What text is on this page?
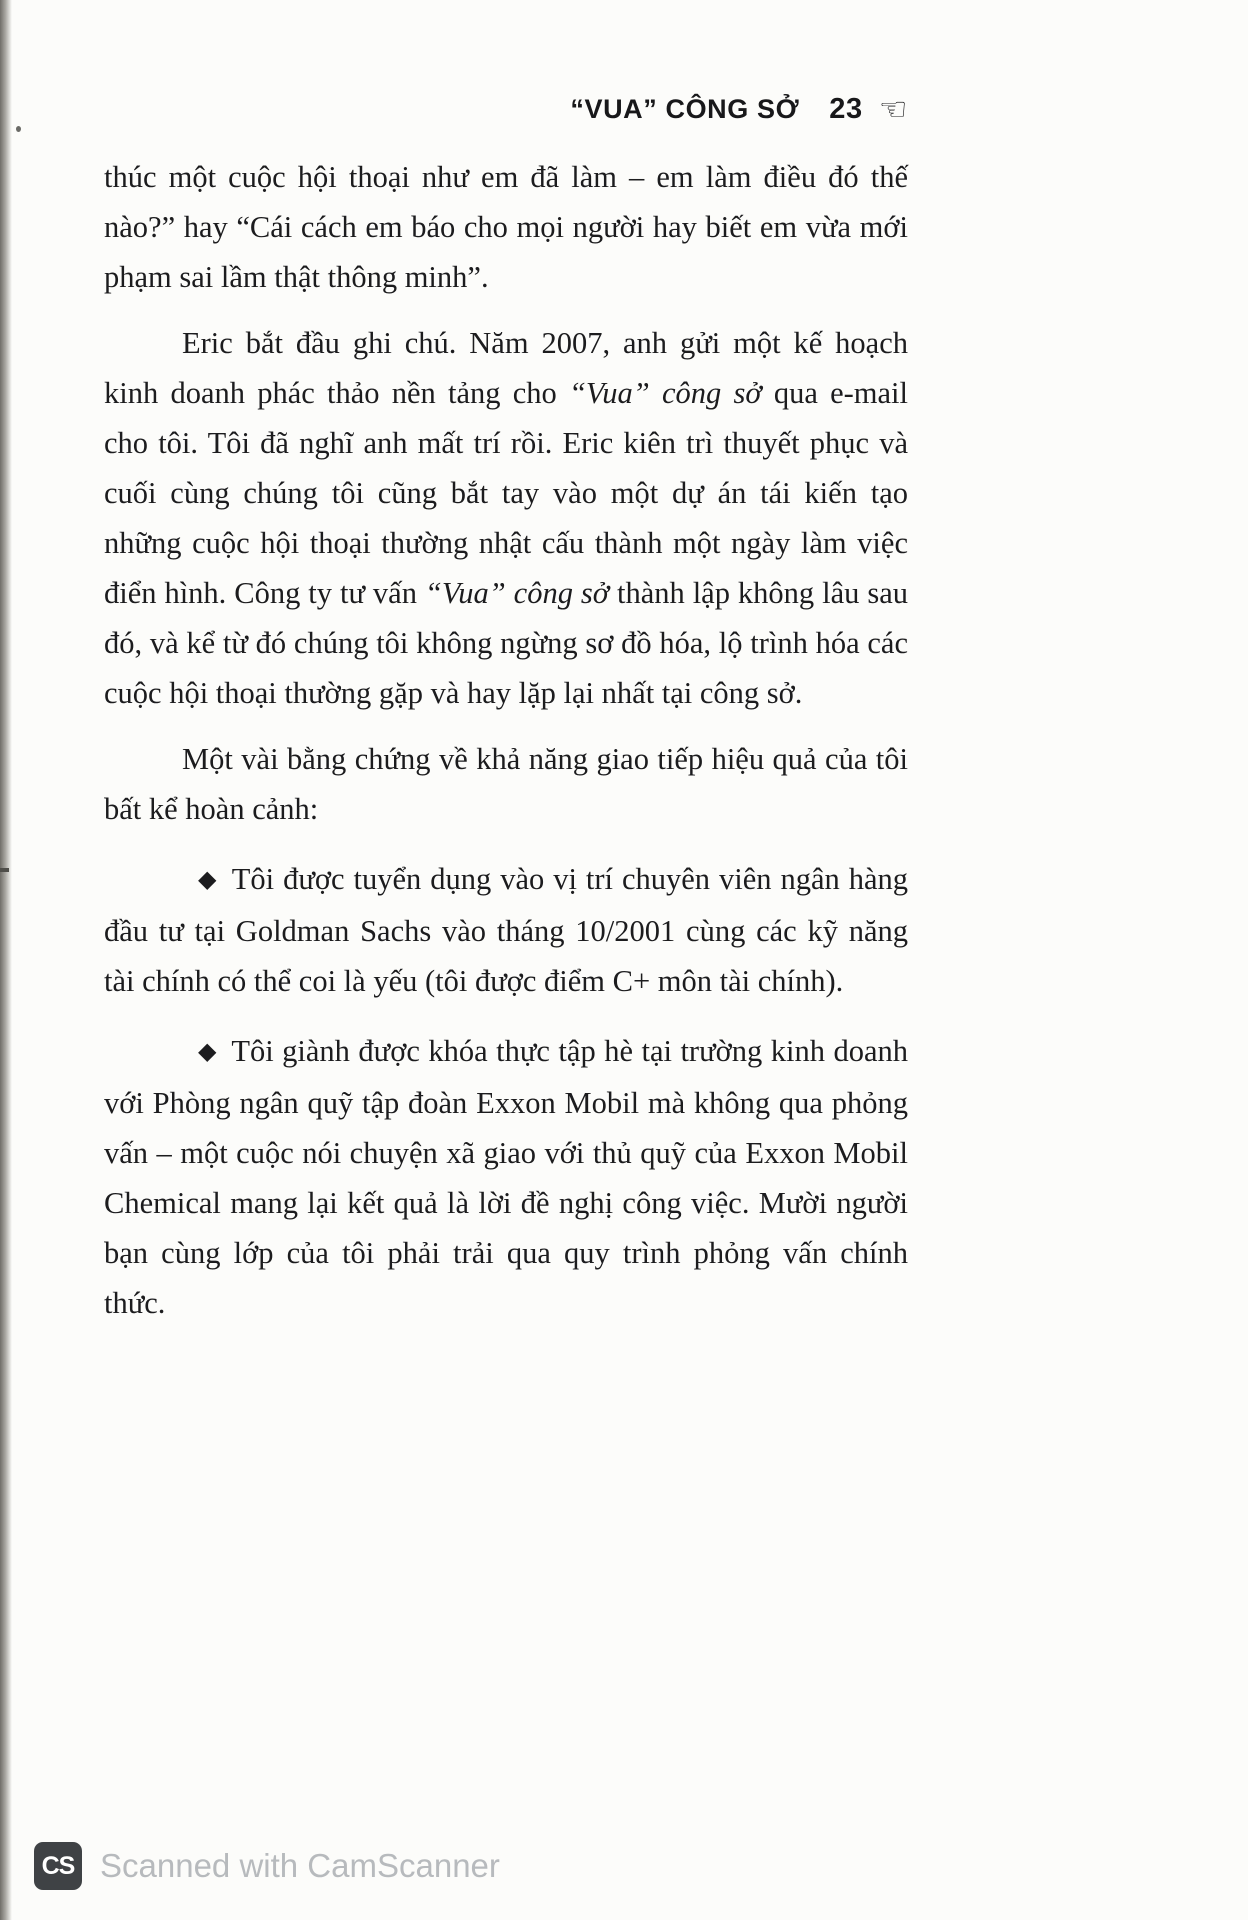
“VUA” CÔNG SỞ 23 ☜

thúc một cuộc hội thoại như em đã làm – em làm điều đó thế nào?” hay “Cái cách em báo cho mọi người hay biết em vừa mới phạm sai lầm thật thông minh”.

Eric bắt đầu ghi chú. Năm 2007, anh gửi một kế hoạch kinh doanh phác thảo nền tảng cho “Vua” công sở qua e-mail cho tôi. Tôi đã nghĩ anh mất trí rồi. Eric kiên trì thuyết phục và cuối cùng chúng tôi cũng bắt tay vào một dự án tái kiến tạo những cuộc hội thoại thường nhật cấu thành một ngày làm việc điển hình. Công ty tư vấn “Vua” công sở thành lập không lâu sau đó, và kể từ đó chúng tôi không ngừng sơ đồ hóa, lộ trình hóa các cuộc hội thoại thường gặp và hay lặp lại nhất tại công sở.

Một vài bằng chứng về khả năng giao tiếp hiệu quả của tôi bất kể hoàn cảnh:

◆ Tôi được tuyển dụng vào vị trí chuyên viên ngân hàng đầu tư tại Goldman Sachs vào tháng 10/2001 cùng các kỹ năng tài chính có thể coi là yếu (tôi được điểm C+ môn tài chính).

◆ Tôi giành được khóa thực tập hè tại trường kinh doanh với Phòng ngân quỹ tập đoàn Exxon Mobil mà không qua phỏng vấn – một cuộc nói chuyện xã giao với thủ quỹ của Exxon Mobil Chemical mang lại kết quả là lời đề nghị công việc. Mười người bạn cùng lớp của tôi phải trải qua quy trình phỏng vấn chính thức.

CS Scanned with CamScanner
